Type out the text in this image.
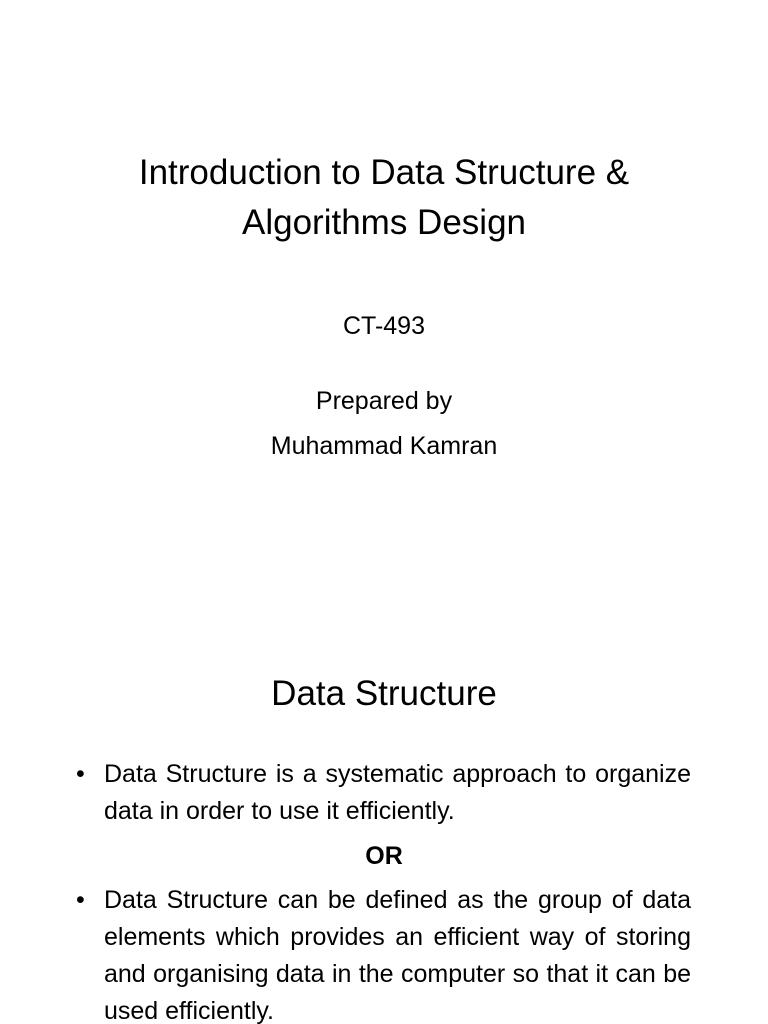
Introduction to Data Structure &
Algorithms Design
CT-493
Prepared by
Muhammad Kamran
Data Structure
• Data Structure is a systematic approach to organize data in order to use it efficiently.
OR
• Data Structure can be defined as the group of data elements which provides an efficient way of storing and organising data in the computer so that it can be used efficiently.
